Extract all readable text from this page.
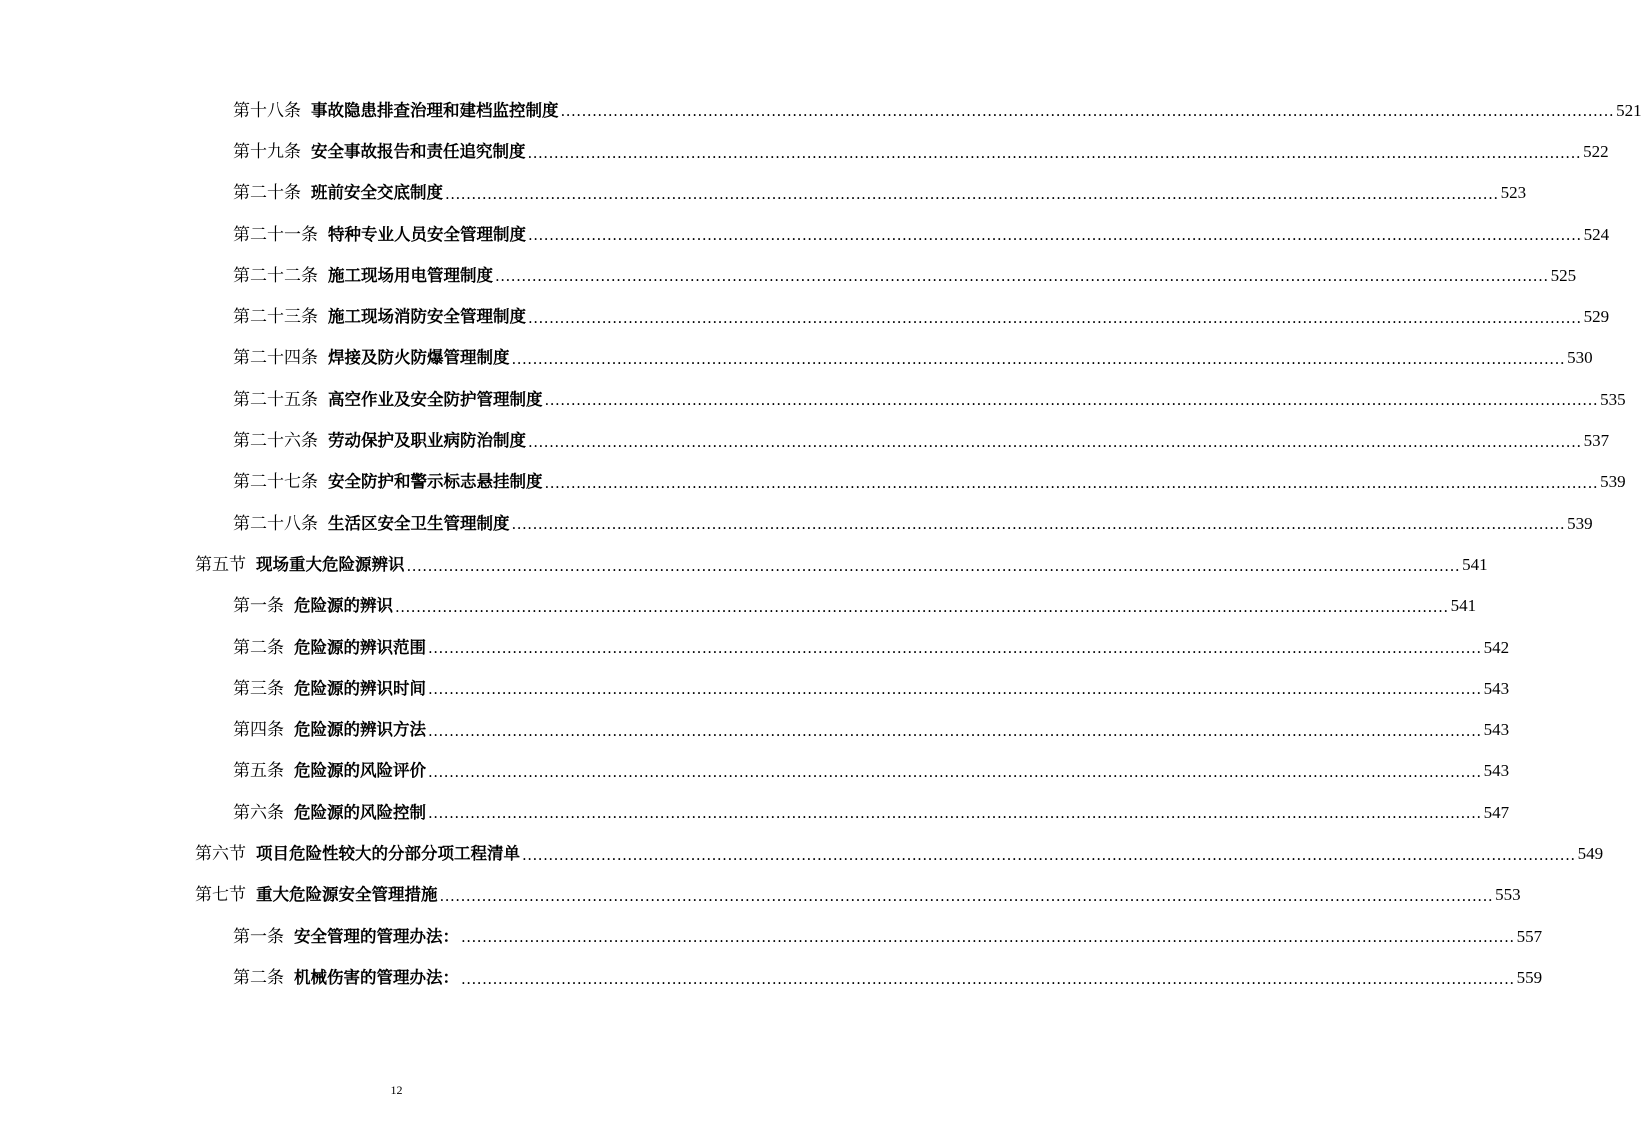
第十八条 事故隐患排查治理和建档监控制度 ........................................................................................................................................................................................................ 521
第十九条 安全事故报告和责任追究制度 ........................................................................................................................................................................................................ 522
第二十条 班前安全交底制度 ........................................................................................................................................................................................................ 523
第二十一条 特种专业人员安全管理制度 ........................................................................................................................................................................................................ 524
第二十二条 施工现场用电管理制度 ........................................................................................................................................................................................................ 525
第二十三条 施工现场消防安全管理制度 ........................................................................................................................................................................................................ 529
第二十四条 焊接及防火防爆管理制度 ........................................................................................................................................................................................................ 530
第二十五条 高空作业及安全防护管理制度 ........................................................................................................................................................................................................ 535
第二十六条 劳动保护及职业病防治制度 ........................................................................................................................................................................................................ 537
第二十七条 安全防护和警示标志悬挂制度 ........................................................................................................................................................................................................ 539
第二十八条 生活区安全卫生管理制度 ........................................................................................................................................................................................................ 539
第五节 现场重大危险源辨识 ........................................................................................................................................................................................................ 541
第一条 危险源的辨识 ........................................................................................................................................................................................................ 541
第二条 危险源的辨识范围 ........................................................................................................................................................................................................ 542
第三条 危险源的辨识时间 ........................................................................................................................................................................................................ 543
第四条 危险源的辨识方法 ........................................................................................................................................................................................................ 543
第五条 危险源的风险评价 ........................................................................................................................................................................................................ 543
第六条 危险源的风险控制 ........................................................................................................................................................................................................ 547
第六节 项目危险性较大的分部分项工程清单 ........................................................................................................................................................................................................ 549
第七节 重大危险源安全管理措施 ........................................................................................................................................................................................................ 553
第一条 安全管理的管理办法： ........................................................................................................................................................................................................ 557
第二条 机械伤害的管理办法： ........................................................................................................................................................................................................ 559
12
